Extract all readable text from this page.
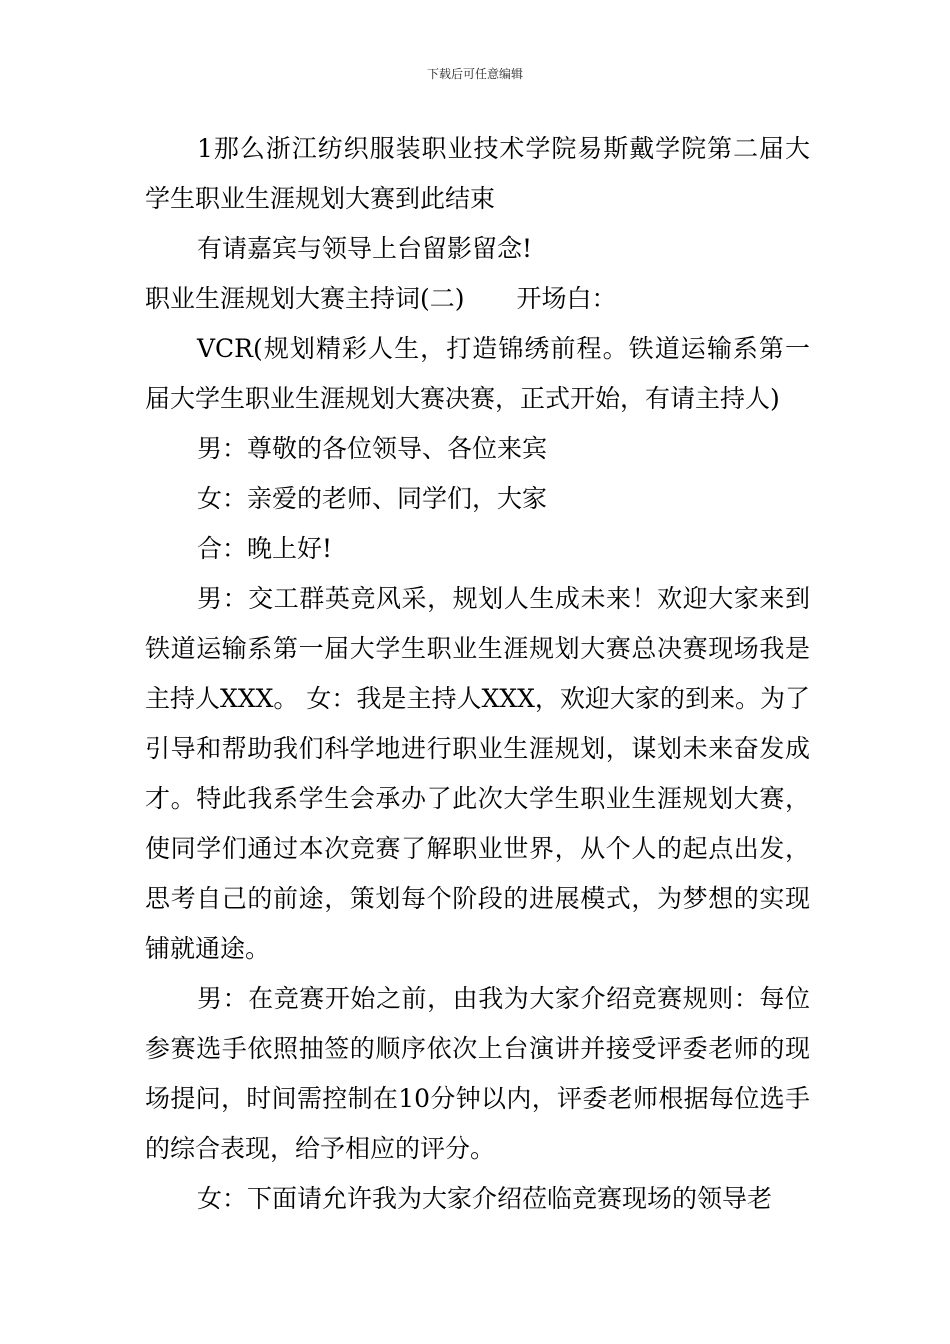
下载后可任意编辑

1那么浙江纺织服装职业技术学院易斯戴学院第二届大学生职业生涯规划大赛到此结束

有请嘉宾与领导上台留影留念!

职业生涯规划大赛主持词(二) 开场白：

VCR(规划精彩人生，打造锦绣前程。铁道运输系第一届大学生职业生涯规划大赛决赛，正式开始，有请主持人)

男：尊敬的各位领导、各位来宾

女：亲爱的老师、同学们，大家

合：晚上好!

男：交工群英竞风采，规划人生成未来！欢迎大家来到铁道运输系第一届大学生职业生涯规划大赛总决赛现场我是主持人XXX。 女：我是主持人XXX，欢迎大家的到来。为了引导和帮助我们科学地进行职业生涯规划，谋划未来奋发成才。特此我系学生会承办了此次大学生职业生涯规划大赛，使同学们通过本次竞赛了解职业世界，从个人的起点出发，思考自己的前途，策划每个阶段的进展模式，为梦想的实现铺就通途。

男：在竞赛开始之前，由我为大家介绍竞赛规则：每位参赛选手依照抽签的顺序依次上台演讲并接受评委老师的现场提问，时间需控制在10分钟以内，评委老师根据每位选手的综合表现，给予相应的评分。

女：下面请允许我为大家介绍莅临竞赛现场的领导老
